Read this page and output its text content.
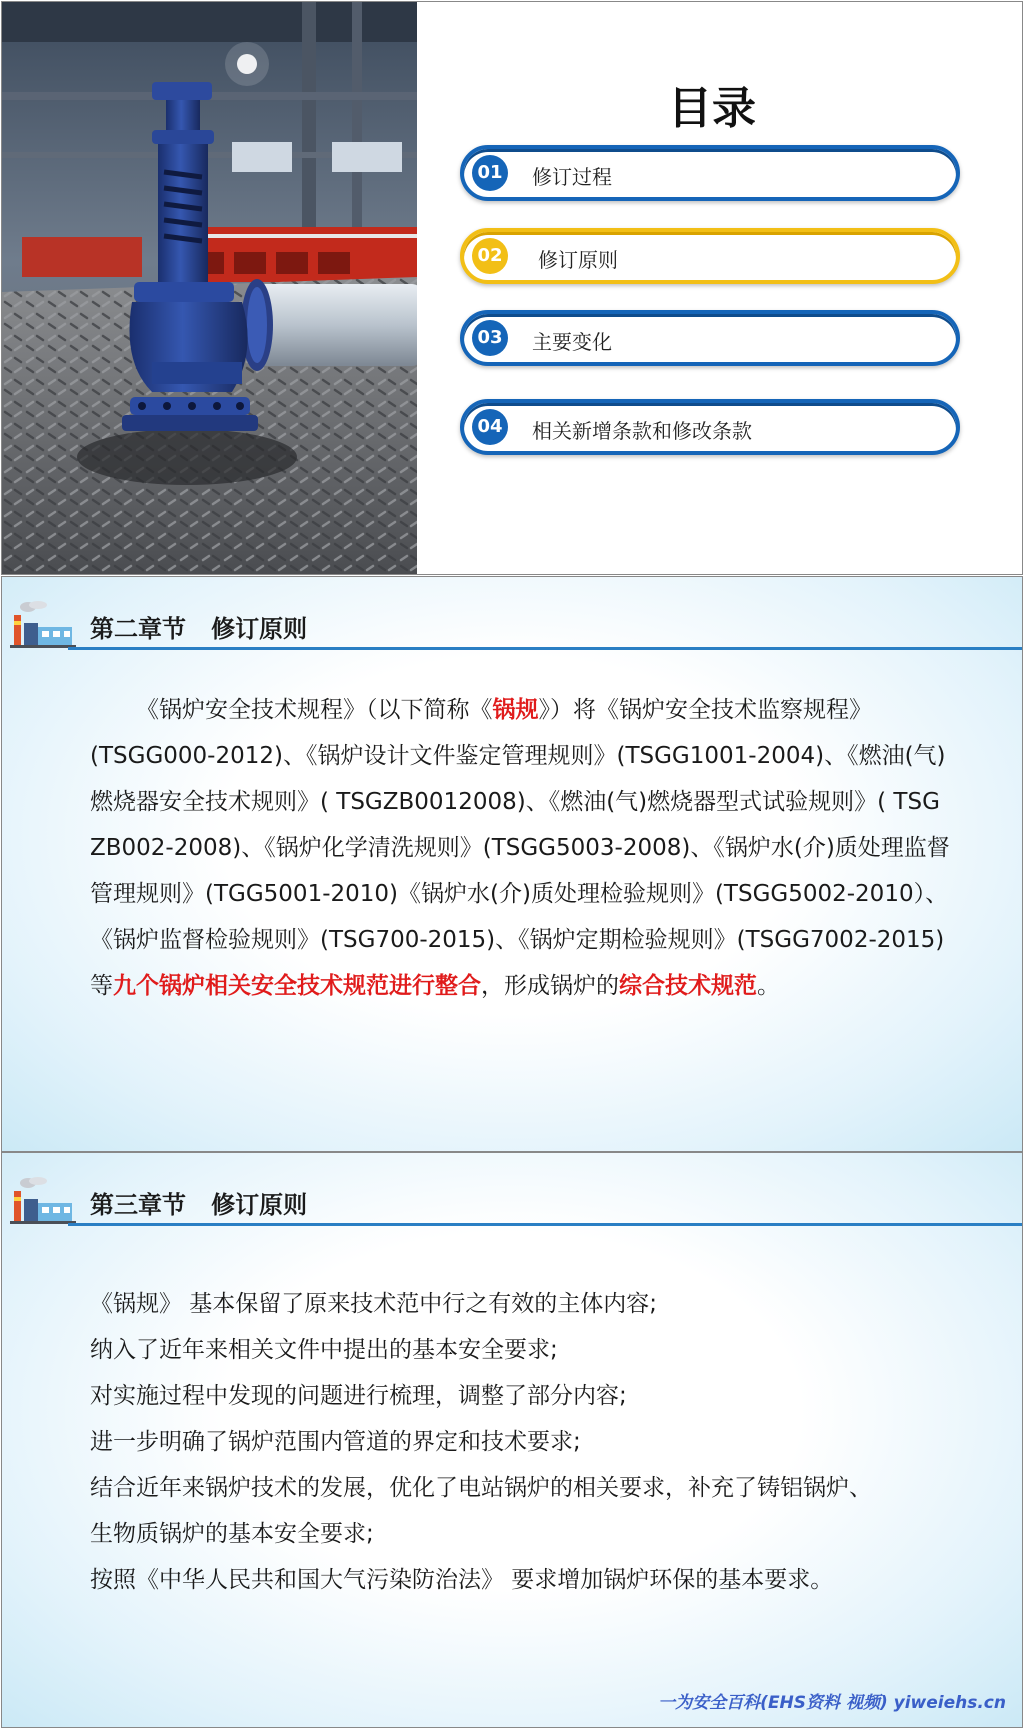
目录
01 修订过程
02 修订原则
03 主要变化
04 相关新增条款和修改条款
第二章节   修订原则
《锅炉安全技术规程》（以下简称《锅规》）将《锅炉安全技术监察规程》(TSGG000-2012)、《锅炉设计文件鉴定管理规则》(TSGG1001-2004)、《燃油(气)燃烧器安全技术规则》( TSGZB0012008)、《燃油(气)燃烧器型式试验规则》( TSG ZB002-2008)、《锅炉化学清洗规则》(TSGG5003-2008)、《锅炉水(介)质处理监督管理规则》(TGG5001-2010)《锅炉水(介)质处理检验规则》(TSGG5002-2010）、《锅炉监督检验规则》(TSG700-2015)、《锅炉定期检验规则》(TSGG7002-2015)等九个锅炉相关安全技术规范进行整合，形成锅炉的综合技术规范。
第三章节   修订原则
《锅规》 基本保留了原来技术范中行之有效的主体内容;
纳入了近年来相关文件中提出的基本安全要求;
对实施过程中发现的问题进行梳理，调整了部分内容;
进一步明确了锅炉范围内管道的界定和技术要求;
结合近年来锅炉技术的发展，优化了电站锅炉的相关要求，补充了铸铝锅炉、
生物质锅炉的基本安全要求;
按照《中华人民共和国大气污染防治法》 要求增加锅炉环保的基本要求。
一为安全百科(EHS资料 视频) yiweiehs.cn
